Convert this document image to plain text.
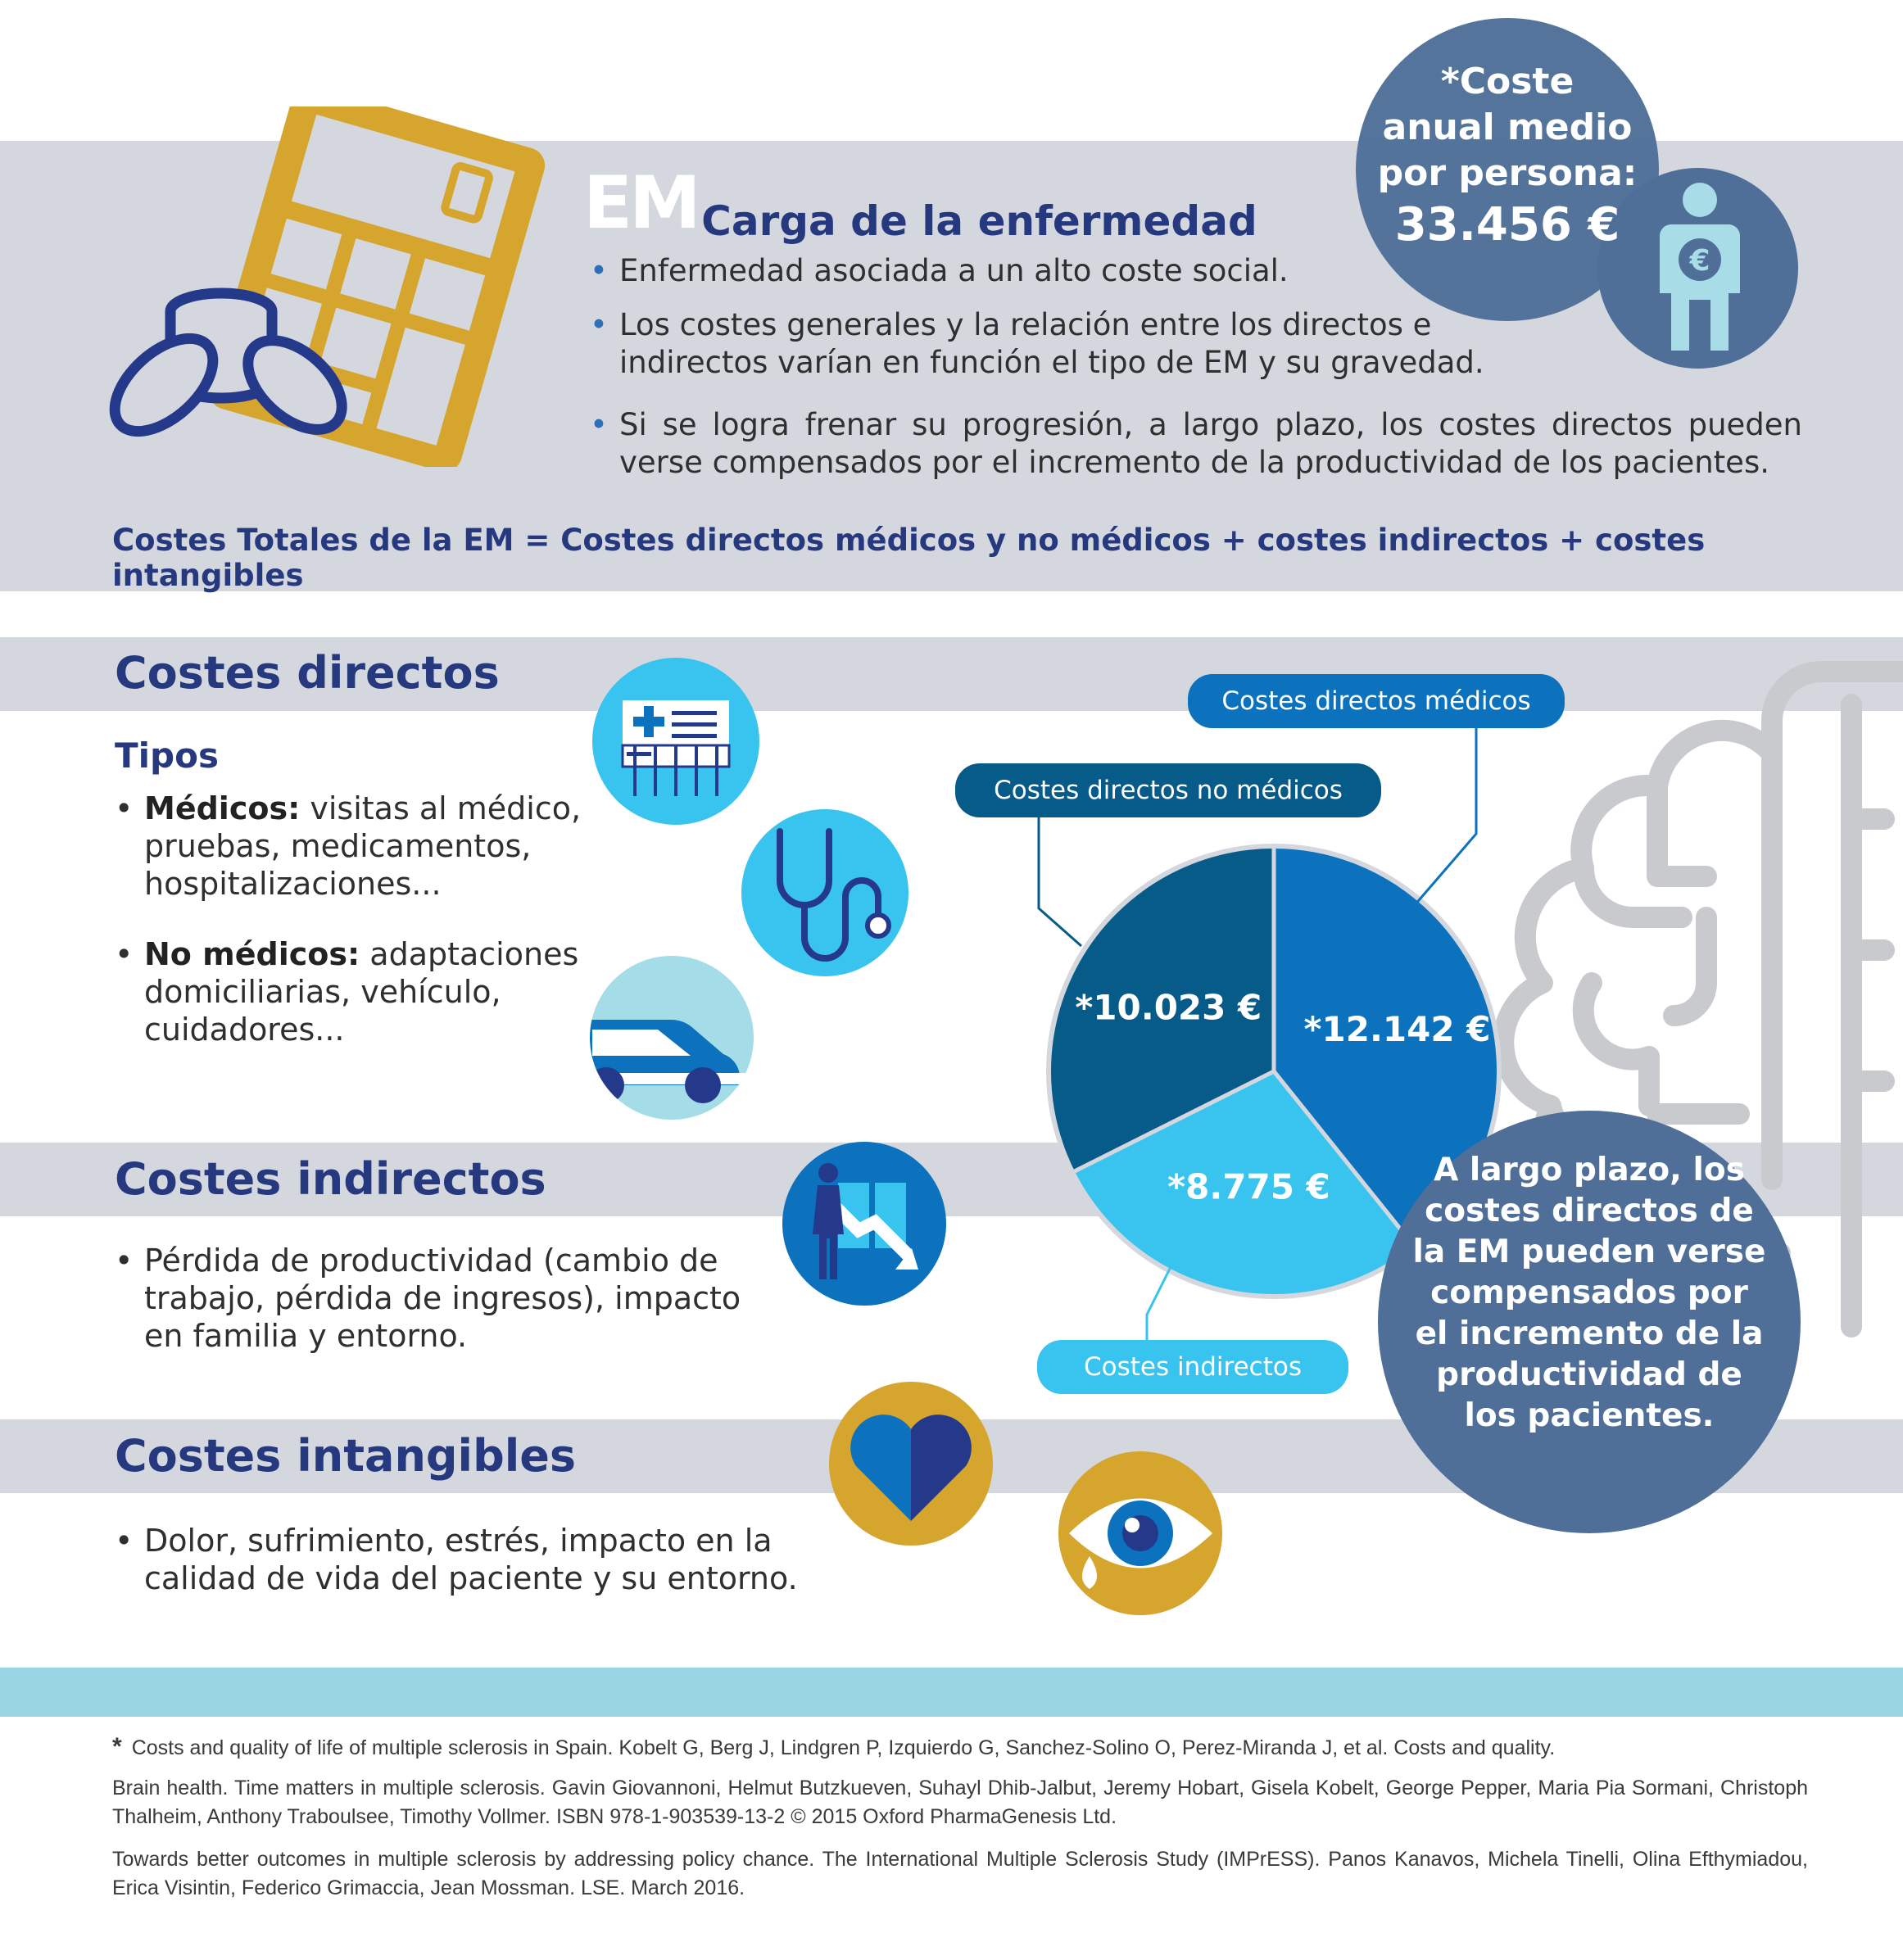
EM Carga de la enfermedad
• Enfermedad asociada a un alto coste social.
• Los costes generales y la relación entre los directos e indirectos varían en función el tipo de EM y su gravedad.
• Si se logra frenar su progresión, a largo plazo, los costes directos pueden verse compensados por el incremento de la productividad de los pacientes.
Costes Totales de la EM = Costes directos médicos y no médicos + costes indirectos + costes intangibles
€
*Coste
anual medio
por persona:
33.456 €
Costes directos
Costes indirectos
Costes intangibles
Tipos
• Médicos: visitas al médico, pruebas, medicamentos, hospitalizaciones...
• No médicos: adaptaciones domiciliarias, vehículo, cuidadores...
• Pérdida de productividad (cambio de trabajo, pérdida de ingresos), impacto en familia y entorno.
• Dolor, sufrimiento, estrés, impacto en la calidad de vida del paciente y su entorno.
*12.142 €
*8.775 €
*10.023 €
Costes directos médicos
Costes directos no médicos
Costes indirectos
A largo plazo, los costes directos de la EM pueden verse compensados por el incremento de la productividad de los pacientes.
* Costs and quality of life of multiple sclerosis in Spain. Kobelt G, Berg J, Lindgren P, Izquierdo G, Sanchez-Solino O, Perez-Miranda J, et al. Costs and quality.
Brain health. Time matters in multiple sclerosis. Gavin Giovannoni, Helmut Butzkueven, Suhayl Dhib-Jalbut, Jeremy Hobart, Gisela Kobelt, George Pepper, Maria Pia Sormani, Christoph Thalheim, Anthony Traboulsee, Timothy Vollmer. ISBN 978-1-903539-13-2 © 2015 Oxford PharmaGenesis Ltd.
Towards better outcomes in multiple sclerosis by addressing policy chance. The International Multiple Sclerosis Study (IMPrESS). Panos Kanavos, Michela Tinelli, Olina Efthymiadou, Erica Visintin, Federico Grimaccia, Jean Mossman. LSE. March 2016.
